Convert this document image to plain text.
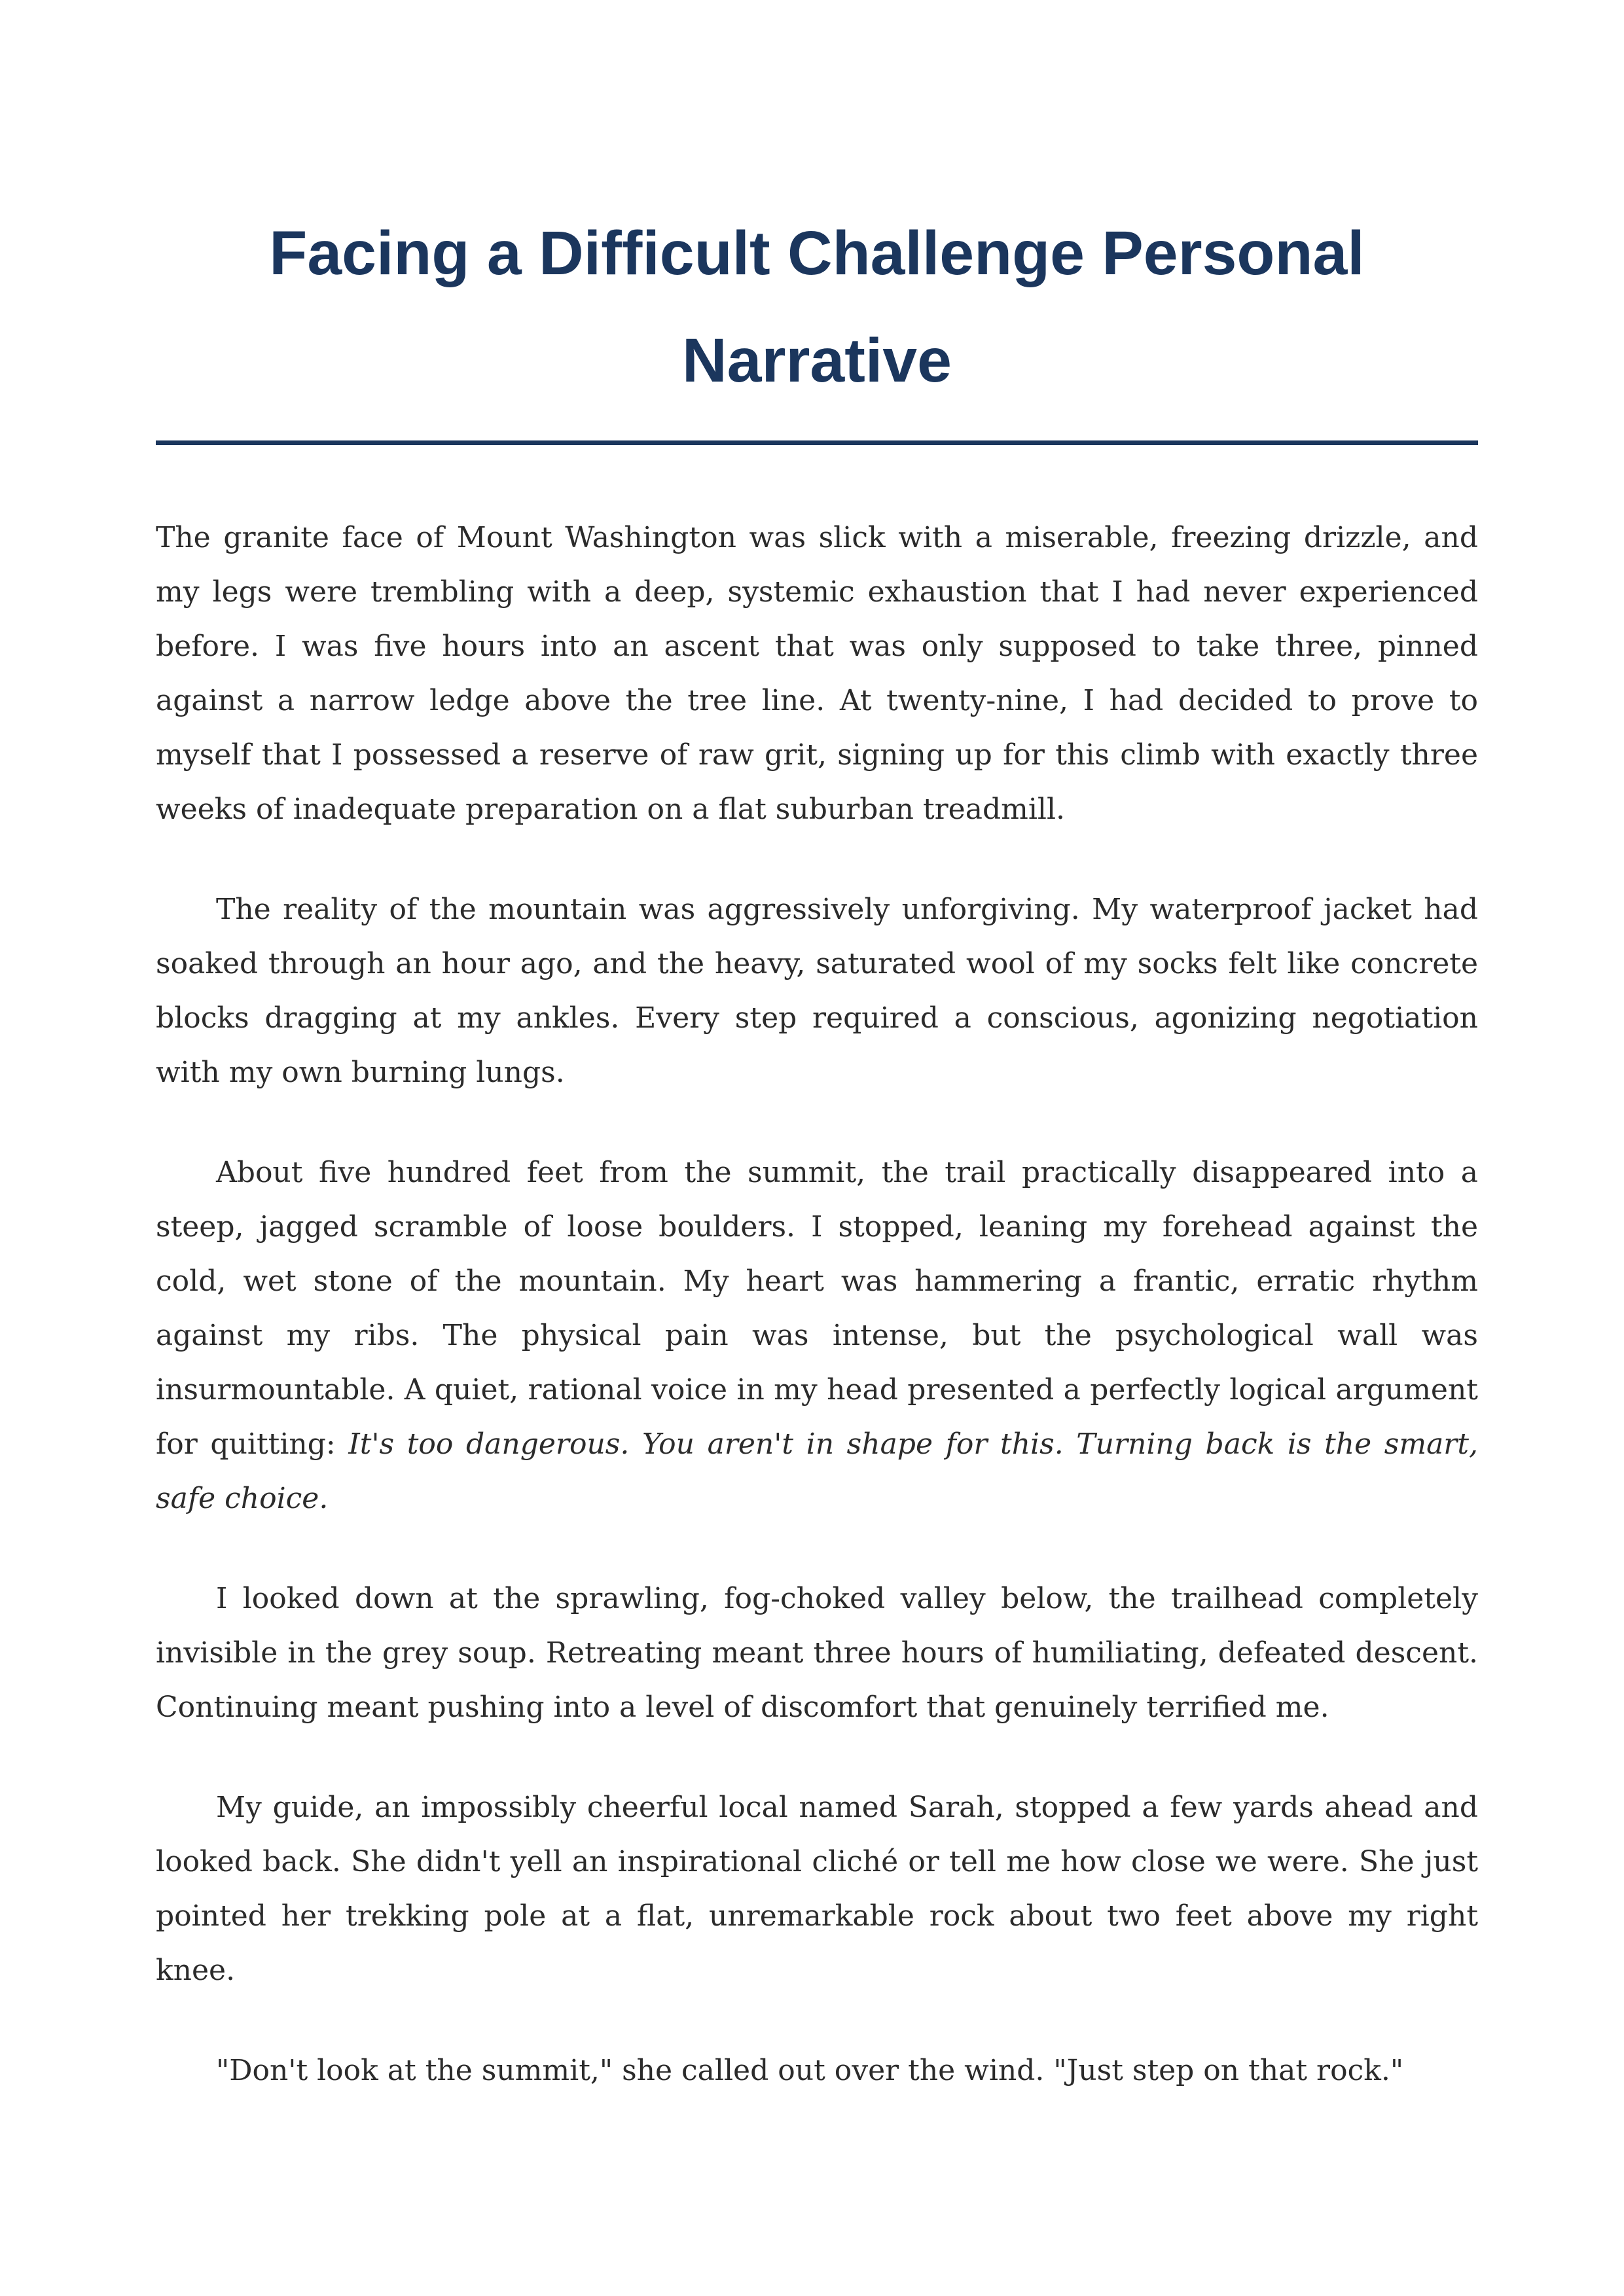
Facing a Difficult Challenge Personal Narrative

The granite face of Mount Washington was slick with a miserable, freezing drizzle, and my legs were trembling with a deep, systemic exhaustion that I had never experienced before. I was five hours into an ascent that was only supposed to take three, pinned against a narrow ledge above the tree line. At twenty-nine, I had decided to prove to myself that I possessed a reserve of raw grit, signing up for this climb with exactly three weeks of inadequate preparation on a flat suburban treadmill.

The reality of the mountain was aggressively unforgiving. My waterproof jacket had soaked through an hour ago, and the heavy, saturated wool of my socks felt like concrete blocks dragging at my ankles. Every step required a conscious, agonizing negotiation with my own burning lungs.

About five hundred feet from the summit, the trail practically disappeared into a steep, jagged scramble of loose boulders. I stopped, leaning my forehead against the cold, wet stone of the mountain. My heart was hammering a frantic, erratic rhythm against my ribs. The physical pain was intense, but the psychological wall was insurmountable. A quiet, rational voice in my head presented a perfectly logical argument for quitting: It's too dangerous. You aren't in shape for this. Turning back is the smart, safe choice.

I looked down at the sprawling, fog-choked valley below, the trailhead completely invisible in the grey soup. Retreating meant three hours of humiliating, defeated descent. Continuing meant pushing into a level of discomfort that genuinely terrified me.

My guide, an impossibly cheerful local named Sarah, stopped a few yards ahead and looked back. She didn't yell an inspirational cliché or tell me how close we were. She just pointed her trekking pole at a flat, unremarkable rock about two feet above my right knee.

"Don't look at the summit," she called out over the wind. "Just step on that rock."
